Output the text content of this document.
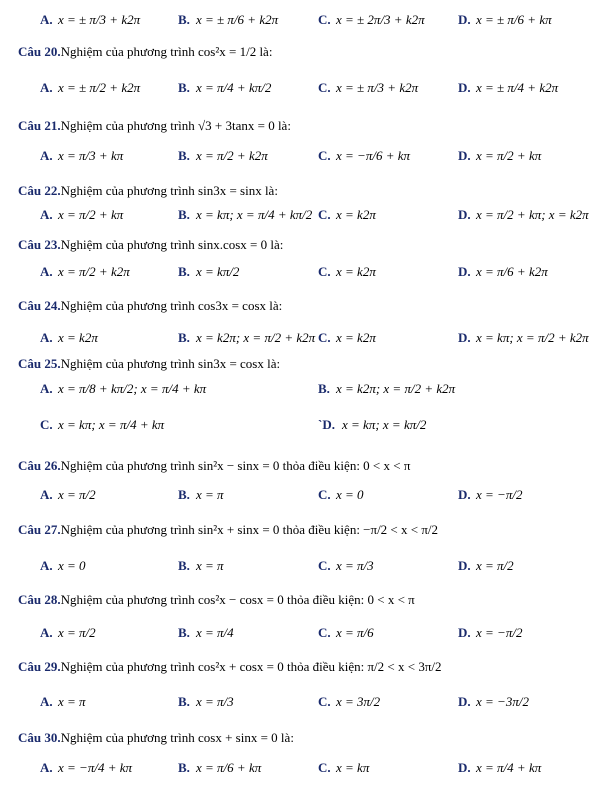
A. x = ± π/3 + k2π	B. x = ± π/6 + k2π	C. x = ± 2π/3 + k2π	D. x = ± π/6 + kπ
Câu 20.Nghiệm của phương trình cos²x = 1/2 là:
A. x = ± π/2 + k2π	B. x = π/4 + kπ/2	C. x = ± π/3 + k2π	D. x = ± π/4 + k2π
Câu 21.Nghiệm của phương trình √3 + 3tanx = 0 là:
A. x = π/3 + kπ	B. x = π/2 + k2π	C. x = −π/6 + kπ	D. x = π/2 + kπ
Câu 22.Nghiệm của phương trình sin3x = sinx là:
A. x = π/2 + kπ	B. x = kπ; x = π/4 + kπ/2 C. x = k2π	D. x = π/2 + kπ; x = k2π
Câu 23.Nghiệm của phương trình sinx.cosx = 0 là:
A. x = π/2 + k2π	B. x = kπ/2	C. x = k2π	D. x = π/6 + k2π
Câu 24.Nghiệm của phương trình cos3x = cosx là:
A. x = k2π	B. x = k2π; x = π/2 + k2π C. x = k2π	D. x = kπ; x = π/2 + k2π
Câu 25.Nghiệm của phương trình sin3x = cosx là:
A. x = π/8 + kπ/2; x = π/4 + kπ	B. x = k2π; x = π/2 + k2π
C. x = kπ; x = π/4 + kπ	`D. x = kπ; x = kπ/2
Câu 26.Nghiệm của phương trình sin²x − sinx = 0 thỏa điều kiện: 0 < x < π
A. x = π/2	B. x = π	C. x = 0	D. x = −π/2
Câu 27.Nghiệm của phương trình sin²x + sinx = 0 thỏa điều kiện: −π/2 < x < π/2
A. x = 0	B. x = π	C. x = π/3	D. x = π/2
Câu 28.Nghiệm của phương trình cos²x − cosx = 0 thỏa điều kiện: 0 < x < π
A. x = π/2	B. x = π/4	C. x = π/6	D. x = −π/2
Câu 29.Nghiệm của phương trình cos²x + cosx = 0 thỏa điều kiện: π/2 < x < 3π/2
A. x = π	B. x = π/3	C. x = 3π/2	D. x = −3π/2
Câu 30.Nghiệm của phương trình cosx + sinx = 0 là:
A. x = −π/4 + kπ	B. x = π/6 + kπ	C. x = kπ	D. x = π/4 + kπ
